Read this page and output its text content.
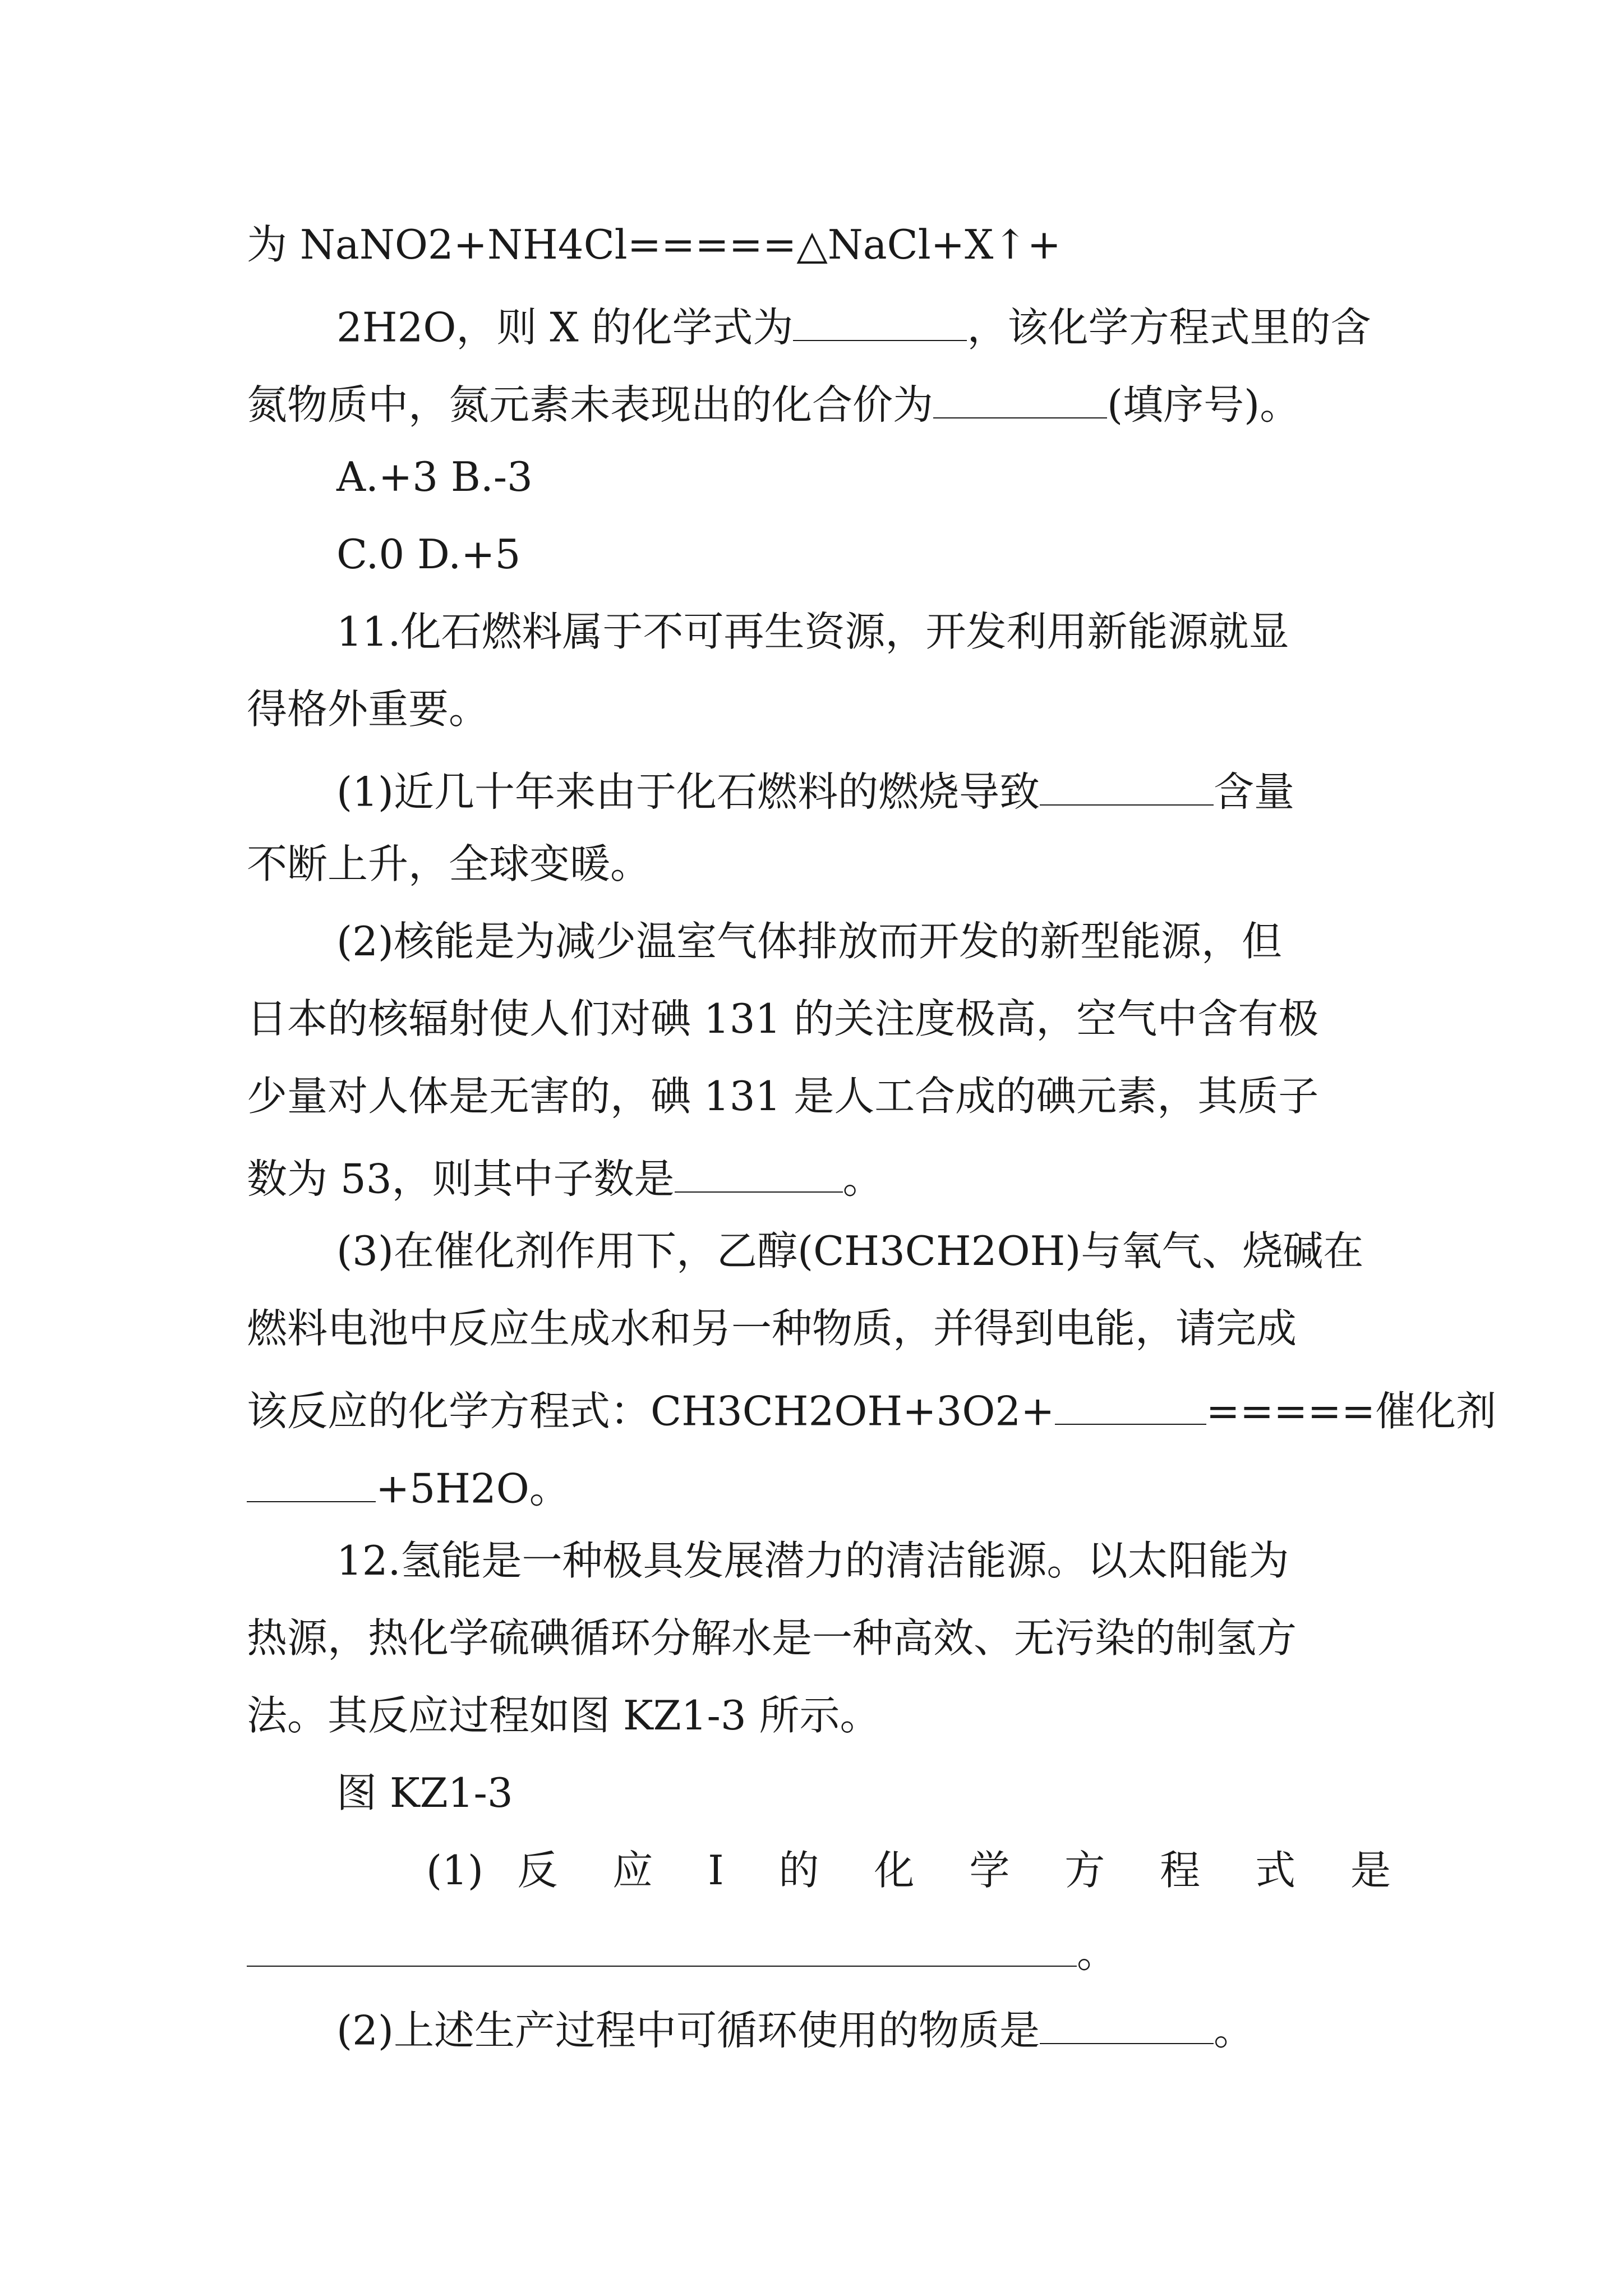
为 NaNO2+NH4Cl=====△NaCl+X↑+
2H2O，则 X 的化学式为	，该化学方程式里的含
氮物质中，氮元素未表现出的化合价为	(填序号)。
A.+3 B.-3
C.0 D.+5
11.化石燃料属于不可再生资源，开发利用新能源就显
得格外重要。
(1)近几十年来由于化石燃料的燃烧导致	含量
不断上升，全球变暖。
(2)核能是为减少温室气体排放而开发的新型能源，但
日本的核辐射使人们对碘 131 的关注度极高，空气中含有极
少量对人体是无害的，碘 131 是人工合成的碘元素，其质子
数为 53，则其中子数是	。
(3)在催化剂作用下，乙醇(CH3CH2OH)与氧气、烧碱在
燃料电池中反应生成水和另一种物质，并得到电能，请完成
该反应的化学方程式：CH3CH2OH+3O2+	=====催化剂
+5H2O。
12.氢能是一种极具发展潜力的清洁能源。以太阳能为
热源，热化学硫碘循环分解水是一种高效、无污染的制氢方
法。其反应过程如图 KZ1-3 所示。
图 KZ1-3
(1) 反 应 Ⅰ 的 化 学 方 程 式 是
。
(2)上述生产过程中可循环使用的物质是	。
